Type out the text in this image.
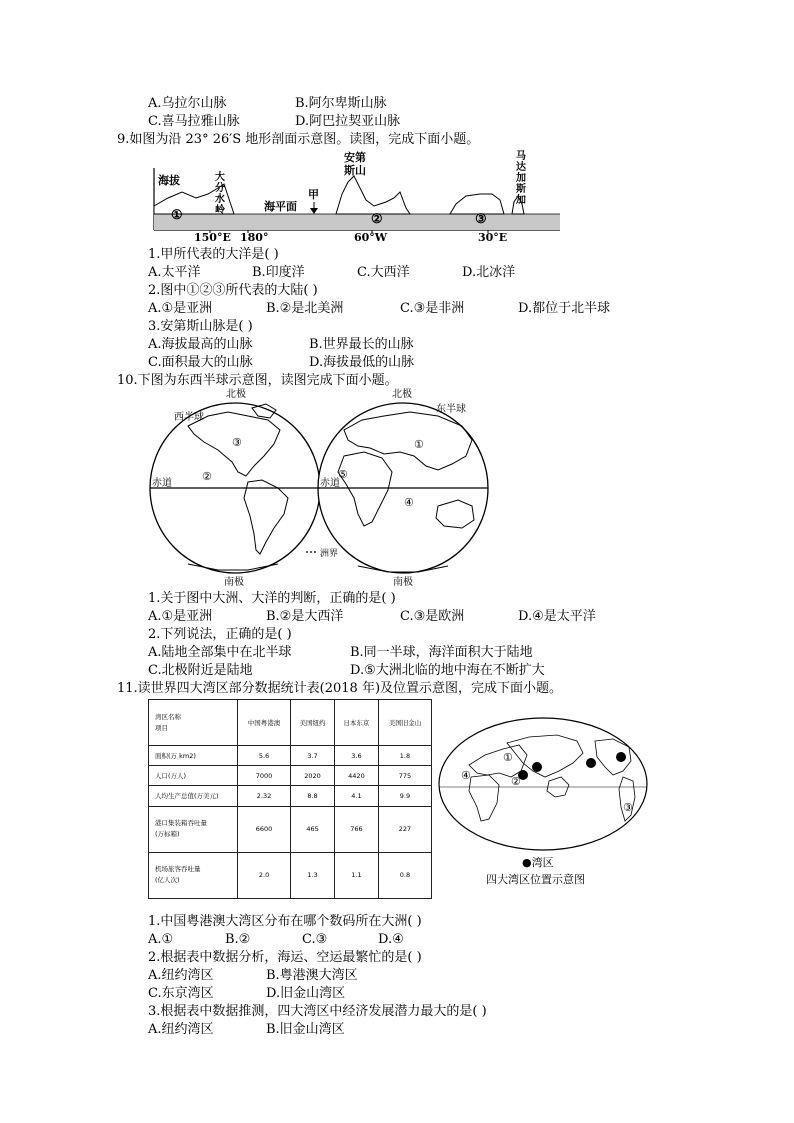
A.乌拉尔山脉	B.阿尔卑斯山脉
C.喜马拉雅山脉	D.阿巴拉契亚山脉
9.如图为沿 23° 26′S 地形剖面示意图。读图，完成下面小题。
海拔
①	②	③
海平面
甲
150°E 180°	60°W	30°E
大分水岭
安第斯山
马达加斯加
1.甲所代表的大洋是( )
A.太平洋	B.印度洋	C.大西洋	D.北冰洋
2.图中①②③所代表的大陆( )
A.①是亚洲	B.②是北美洲	C.③是非洲	D.都位于北半球
3.安第斯山脉是( )
A.海拔最高的山脉	B.世界最长的山脉
C.面积最大的山脉	D.海拔最低的山脉
10.下图为东西半球示意图，读图完成下面小题。
北极	北极
南极	南极
西半球
东半球
赤道	赤道
③
②
①
⑤
④
洲界
1.关于图中大洲、大洋的判断，正确的是( )
A.①是亚洲	B.②是大西洋	C.③是欧洲	D.④是太平洋
2.下列说法，正确的是( )
A.陆地全部集中在北半球	B.同一半球，海洋面积大于陆地
C.北极附近是陆地	D.⑤大洲北临的地中海在不断扩大
11.读世界四大湾区部分数据统计表(2018 年)及位置示意图，完成下面小题。
湾区名称
项目	中国粤港澳	美国纽约	日本东京	美国旧金山
面积(万 km2)	5.6	3.7	3.6	1.8
人口(万人)	7000	2020	4420	775
人均生产总值(万美元)	2.32	8.8	4.1	9.9

港口集装箱吞吐量
(万标箱)	6600	465	766	227

机场旅客吞吐量
(亿人次)	2.0	1.3	1.1	0.8
④
①
②
③
●湾区
四大湾区位置示意图
1.中国粤港澳大湾区分布在哪个数码所在大洲( )
A.①	B.②	C.③	D.④
2.根据表中数据分析，海运、空运最繁忙的是( )
A.纽约湾区	B.粤港澳大湾区
C.东京湾区	D.旧金山湾区
3.根据表中数据推测，四大湾区中经济发展潜力最大的是( )
A.纽约湾区	B.旧金山湾区
